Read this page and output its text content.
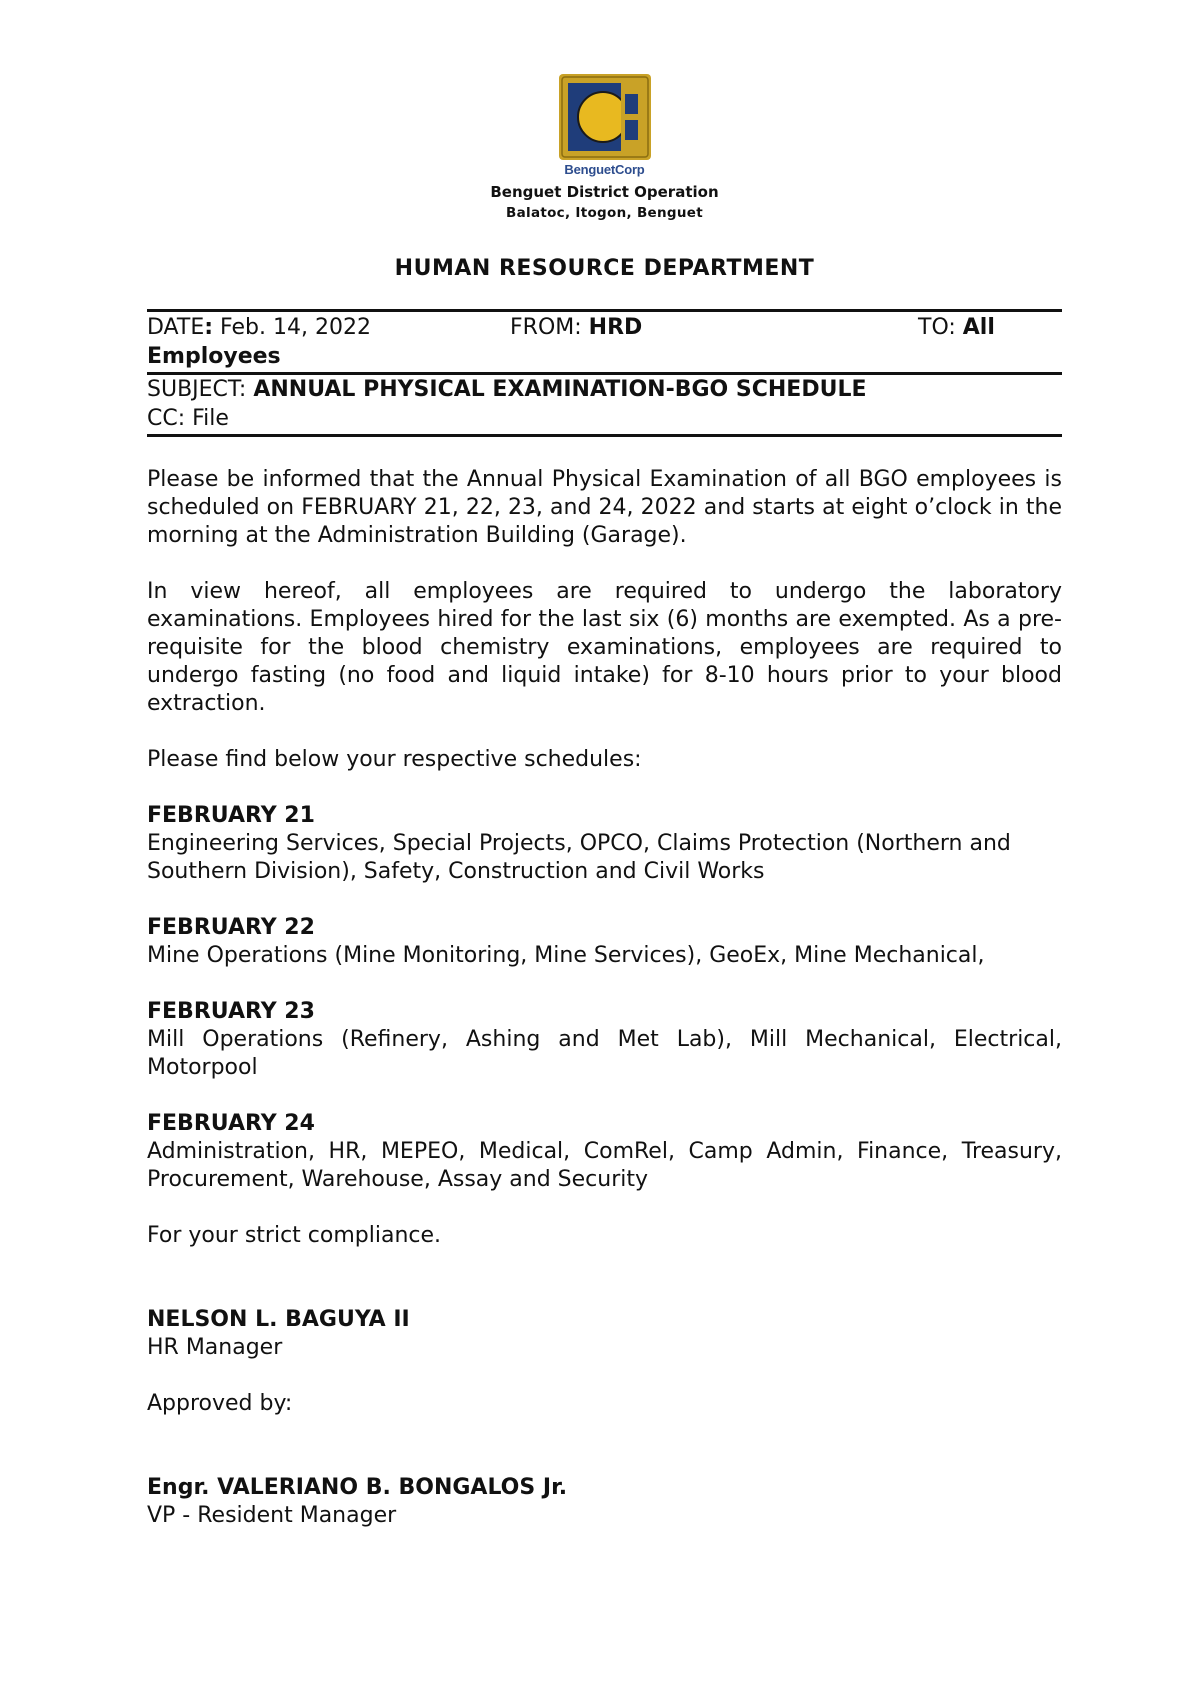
BenguetCorp
Benguet District Operation
Balatoc, Itogon, Benguet
HUMAN RESOURCE DEPARTMENT
DATE: Feb. 14, 2022	FROM: HRD	TO: All
Employees
SUBJECT: ANNUAL PHYSICAL EXAMINATION-BGO SCHEDULE
CC: File

Please be informed that the Annual Physical Examination of all BGO employees is scheduled on FEBRUARY 21, 22, 23, and 24, 2022 and starts at eight o’clock in the morning at the Administration Building (Garage).

In view hereof, all employees are required to undergo the laboratory examinations. Employees hired for the last six (6) months are exempted. As a pre-requisite for the blood chemistry examinations, employees are required to undergo fasting (no food and liquid intake) for 8-10 hours prior to your blood extraction.

Please find below your respective schedules:

FEBRUARY 21

Engineering Services, Special Projects, OPCO, Claims Protection (Northern and Southern Division), Safety, Construction and Civil Works

FEBRUARY 22

Mine Operations (Mine Monitoring, Mine Services), GeoEx, Mine Mechanical,

FEBRUARY 23

Mill Operations (Refinery, Ashing and Met Lab), Mill Mechanical, Electrical, Motorpool

FEBRUARY 24

Administration, HR, MEPEO, Medical, ComRel, Camp Admin, Finance, Treasury, Procurement, Warehouse, Assay and Security

For your strict compliance.

NELSON L. BAGUYA II
HR Manager
Approved by:
Engr. VALERIANO B. BONGALOS Jr.
VP - Resident Manager
